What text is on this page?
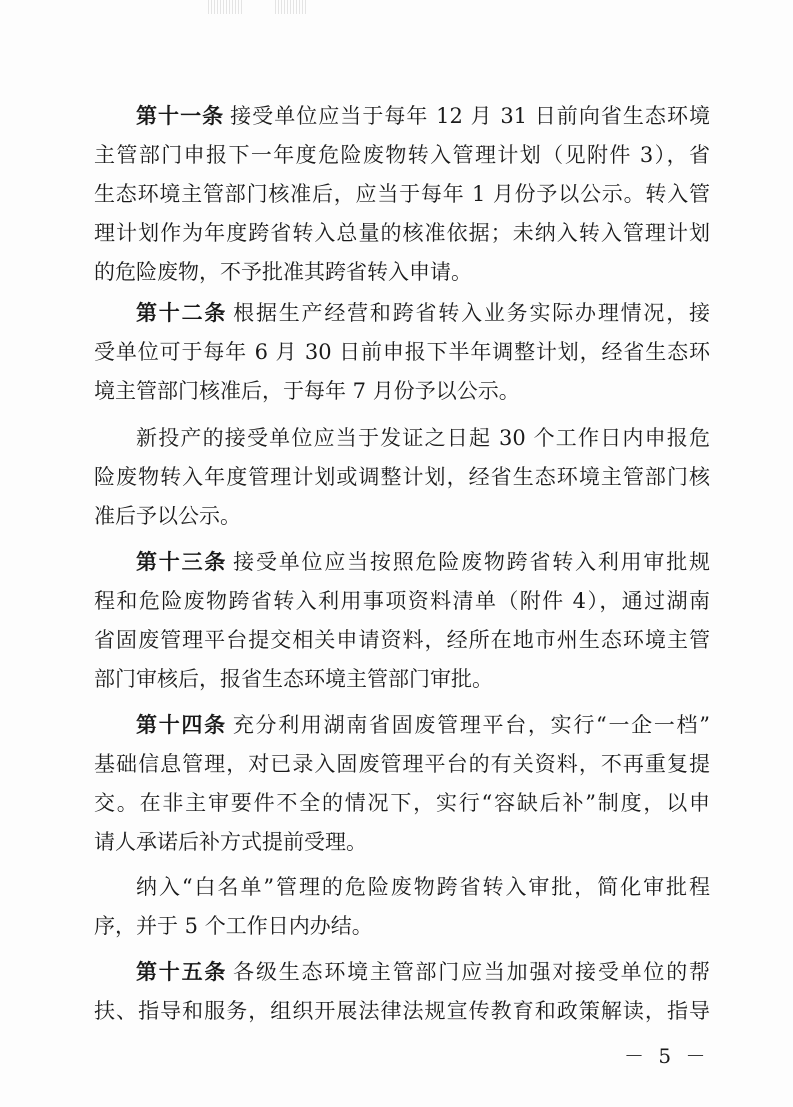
第十一条 接受单位应当于每年 12 月 31 日前向省生态环境
主管部门申报下一年度危险废物转入管理计划（见附件 3），省
生态环境主管部门核准后，应当于每年 1 月份予以公示。转入管
理计划作为年度跨省转入总量的核准依据；未纳入转入管理计划
的危险废物，不予批准其跨省转入申请。
第十二条 根据生产经营和跨省转入业务实际办理情况，接
受单位可于每年 6 月 30 日前申报下半年调整计划，经省生态环
境主管部门核准后，于每年 7 月份予以公示。
新投产的接受单位应当于发证之日起 30 个工作日内申报危
险废物转入年度管理计划或调整计划，经省生态环境主管部门核
准后予以公示。
第十三条 接受单位应当按照危险废物跨省转入利用审批规
程和危险废物跨省转入利用事项资料清单（附件 4），通过湖南
省固废管理平台提交相关申请资料，经所在地市州生态环境主管
部门审核后，报省生态环境主管部门审批。
第十四条 充分利用湖南省固废管理平台，实行“一企一档”
基础信息管理，对已录入固废管理平台的有关资料，不再重复提
交。在非主审要件不全的情况下，实行“容缺后补”制度，以申
请人承诺后补方式提前受理。
纳入“白名单”管理的危险废物跨省转入审批，简化审批程
序，并于 5 个工作日内办结。
第十五条 各级生态环境主管部门应当加强对接受单位的帮
扶、指导和服务，组织开展法律法规宣传教育和政策解读，指导
－ 5 －
